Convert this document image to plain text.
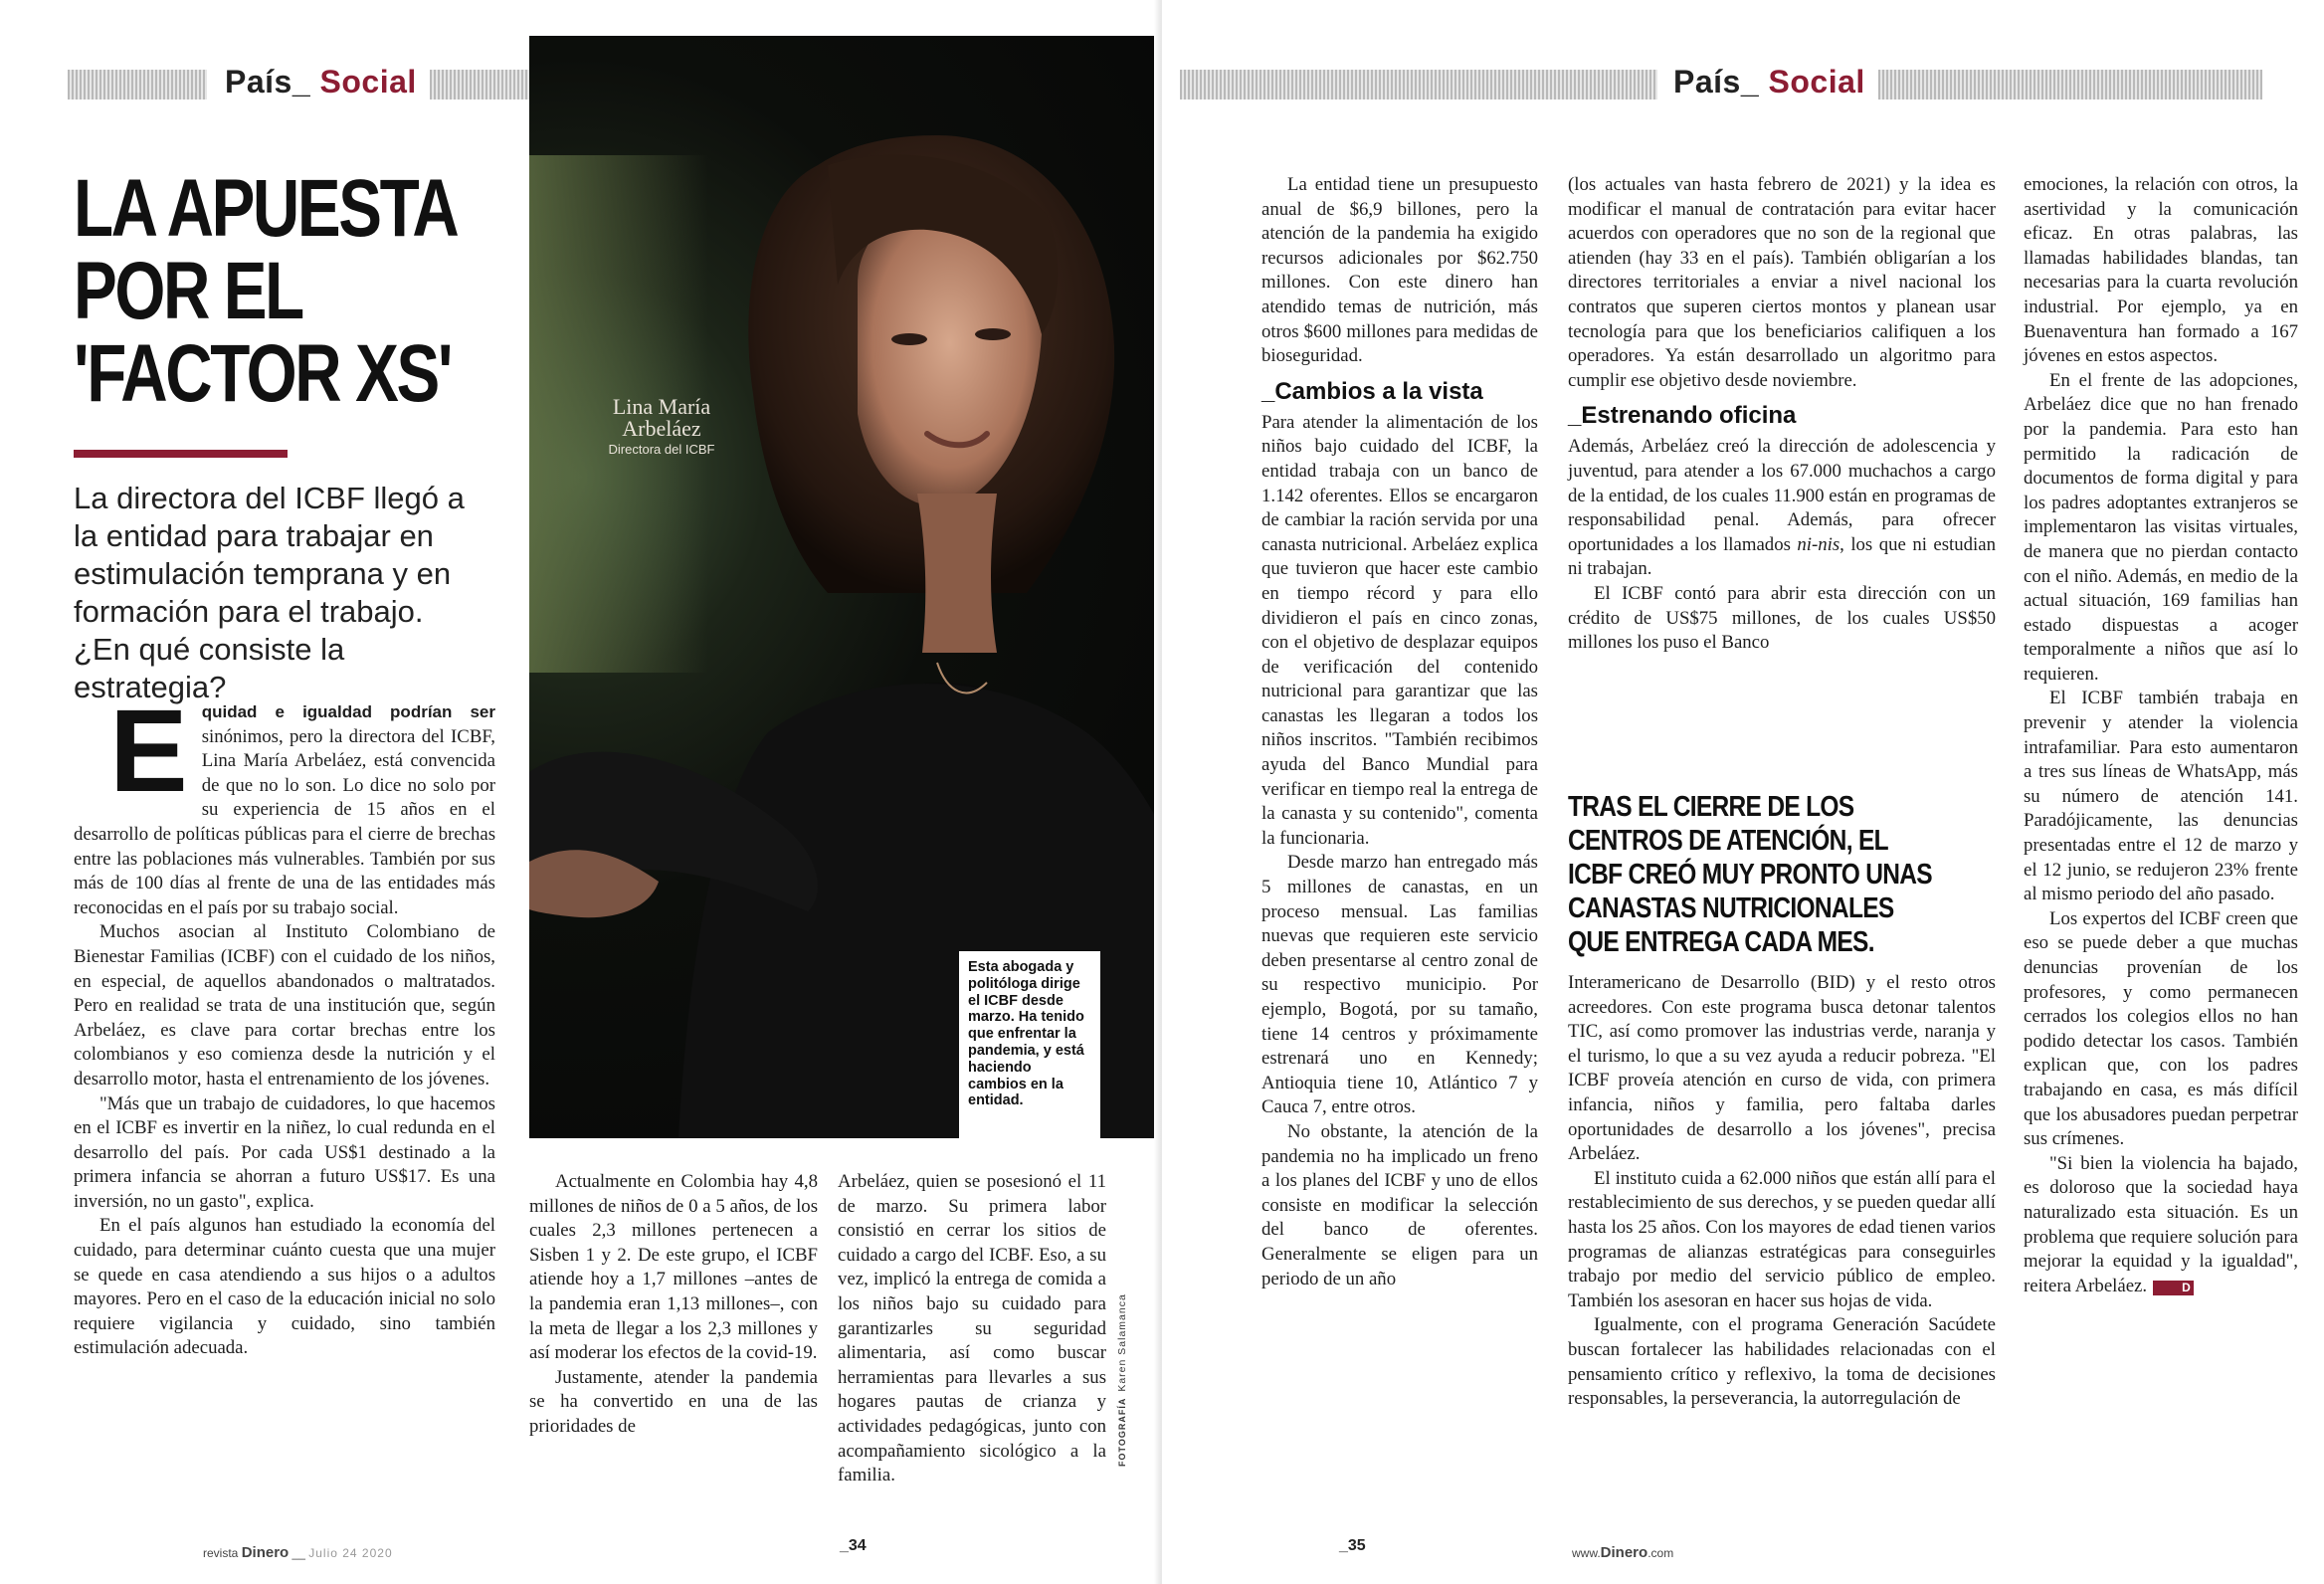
País_ Social
LA APUESTA
POR EL
'FACTOR XS'
La directora del ICBF llegó a la entidad para trabajar en estimulación temprana y en formación para el trabajo. ¿En qué consiste la estrategia?
E quidad e igualdad podrían ser sinónimos, pero la directora del ICBF, Lina María Arbeláez, está convencida de que no lo son. Lo dice no solo por su experiencia de 15 años en el desarrollo de políticas públicas para el cierre de brechas entre las poblaciones más vulnerables. También por sus más de 100 días al frente de una de las entidades más reconocidas en el país por su trabajo social.

Muchos asocian al Instituto Colombiano de Bienestar Familias (ICBF) con el cuidado de los niños, en especial, de aquellos abandonados o maltratados. Pero en realidad se trata de una institución que, según Arbeláez, es clave para cortar brechas entre los colombianos y eso comienza desde la nutrición y el desarrollo motor, hasta el entrenamiento de los jóvenes.

"Más que un trabajo de cuidadores, lo que hacemos en el ICBF es invertir en la niñez, lo cual redunda en el desarrollo del país. Por cada US$1 destinado a la primera infancia se ahorran a futuro US$17. Es una inversión, no un gasto", explica.

En el país algunos han estudiado la economía del cuidado, para determinar cuánto cuesta que una mujer se quede en casa atendiendo a sus hijos o a adultos mayores. Pero en el caso de la educación inicial no solo requiere vigilancia y cuidado, sino también estimulación adecuada.

Actualmente en Colombia hay 4,8 millones de niños de 0 a 5 años, de los cuales 2,3 millones pertenecen a Sisben 1 y 2. De este grupo, el ICBF atiende hoy a 1,7 millones –antes de la pandemia eran 1,13 millones–, con la meta de llegar a los 2,3 millones y así moderar los efectos de la covid-19.

Justamente, atender la pandemia se ha convertido en una de las prioridades de

Arbeláez, quien se posesionó el 11 de marzo. Su primera labor consistió en cerrar los sitios de cuidado a cargo del ICBF. Eso, a su vez, implicó la entrega de comida a los niños bajo su cuidado para garantizarles su seguridad alimentaria, así como buscar herramientas para llevarles a sus hogares pautas de crianza y actividades pedagógicas, junto con acompañamiento sicológico a la familia.

Lina María
Arbeláez
Directora del ICBF
Esta abogada y politóloga dirige el ICBF desde marzo. Ha tenido que enfrentar la pandemia, y está haciendo cambios en la entidad.
FOTOGRAFÍAKaren Salamanca
revista Dinero __ Julio 24 2020	_34
País_ Social

La entidad tiene un presupuesto anual de $6,9 billones, pero la atención de la pandemia ha exigido recursos adicionales por $62.750 millones. Con este dinero han atendido temas de nutrición, más otros $600 millones para medidas de bioseguridad.

_Cambios a la vista

Para atender la alimentación de los niños bajo cuidado del ICBF, la entidad trabaja con un banco de 1.142 oferentes. Ellos se encargaron de cambiar la ración servida por una canasta nutricional. Arbeláez explica que tuvieron que hacer este cambio en tiempo récord y para ello dividieron el país en cinco zonas, con el objetivo de desplazar equipos de verificación del contenido nutricional para garantizar que las canastas les llegaran a todos los niños inscritos. "También recibimos ayuda del Banco Mundial para verificar en tiempo real la entrega de la canasta y su contenido", comenta la funcionaria.

Desde marzo han entregado más 5 millones de canastas, en un proceso mensual. Las familias nuevas que requieren este servicio deben presentarse al centro zonal de su respectivo municipio. Por ejemplo, Bogotá, por su tamaño, tiene 14 centros y próximamente estrenará uno en Kennedy; Antioquia tiene 10, Atlántico 7 y Cauca 7, entre otros.

No obstante, la atención de la pandemia no ha implicado un freno a los planes del ICBF y uno de ellos consiste en modificar la selección del banco de oferentes. Generalmente se eligen para un periodo de un año

(los actuales van hasta febrero de 2021) y la idea es modificar el manual de contratación para evitar hacer acuerdos con operadores que no son de la regional que atienden (hay 33 en el país). También obligarían a los directores territoriales a enviar a nivel nacional los contratos que superen ciertos montos y planean usar tecnología para que los beneficiarios califiquen a los operadores. Ya están desarrollado un algoritmo para cumplir ese objetivo desde noviembre.

_Estrenando oficina

Además, Arbeláez creó la dirección de adolescencia y juventud, para atender a los 67.000 muchachos a cargo de la entidad, de los cuales 11.900 están en programas de responsabilidad penal. Además, para ofrecer oportunidades a los llamados ni-nis, los que ni estudian ni trabajan.

El ICBF contó para abrir esta dirección con un crédito de US$75 millones, de los cuales US$50 millones los puso el Banco

Interamericano de Desarrollo (BID) y el resto otros acreedores. Con este programa busca detonar talentos TIC, así como promover las industrias verde, naranja y el turismo, lo que a su vez ayuda a reducir pobreza. "El ICBF proveía atención en curso de vida, con primera infancia, niños y familia, pero faltaba darles oportunidades de desarrollo a los jóvenes", precisa Arbeláez.

El instituto cuida a 62.000 niños que están allí para el restablecimiento de sus derechos, y se pueden quedar allí hasta los 25 años. Con los mayores de edad tienen varios programas de alianzas estratégicas para conseguirles trabajo por medio del servicio público de empleo. También los asesoran en hacer sus hojas de vida.

Igualmente, con el programa Generación Sacúdete buscan fortalecer las habilidades relacionadas con el pensamiento crítico y reflexivo, la toma de decisiones responsables, la perseverancia, la autorregulación de

emociones, la relación con otros, la asertividad y la comunicación eficaz. En otras palabras, las llamadas habilidades blandas, tan necesarias para la cuarta revolución industrial. Por ejemplo, ya en Buenaventura han formado a 167 jóvenes en estos aspectos.

En el frente de las adopciones, Arbeláez dice que no han frenado por la pandemia. Para esto han permitido la radicación de documentos de forma digital y para los padres adoptantes extranjeros se implementaron las visitas virtuales, de manera que no pierdan contacto con el niño. Además, en medio de la actual situación, 169 familias han estado dispuestas a acoger temporalmente a niños que así lo requieren.

El ICBF también trabaja en prevenir y atender la violencia intrafamiliar. Para esto aumentaron a tres sus líneas de WhatsApp, más su número de atención 141. Paradójicamente, las denuncias presentadas entre el 12 de marzo y el 12 junio, se redujeron 23% frente al mismo periodo del año pasado.

Los expertos del ICBF creen que eso se puede deber a que muchas denuncias provenían de los profesores, y como permanecen cerrados los colegios ellos no han podido detectar los casos. También explican que, con los padres trabajando en casa, es más difícil que los abusadores puedan perpetrar sus crímenes.

"Si bien la violencia ha bajado, es doloroso que la sociedad haya naturalizado esta situación. Es un problema que requiere solución para mejorar la equidad y la igualdad", reitera Arbeláez.	D

_35	www.Dinero.com
TRAS EL CIERRE DE LOS CENTROS DE ATENCIÓN, EL ICBF CREÓ MUY PRONTO UNAS CANASTAS NUTRICIONALES QUE ENTREGA CADA MES.
